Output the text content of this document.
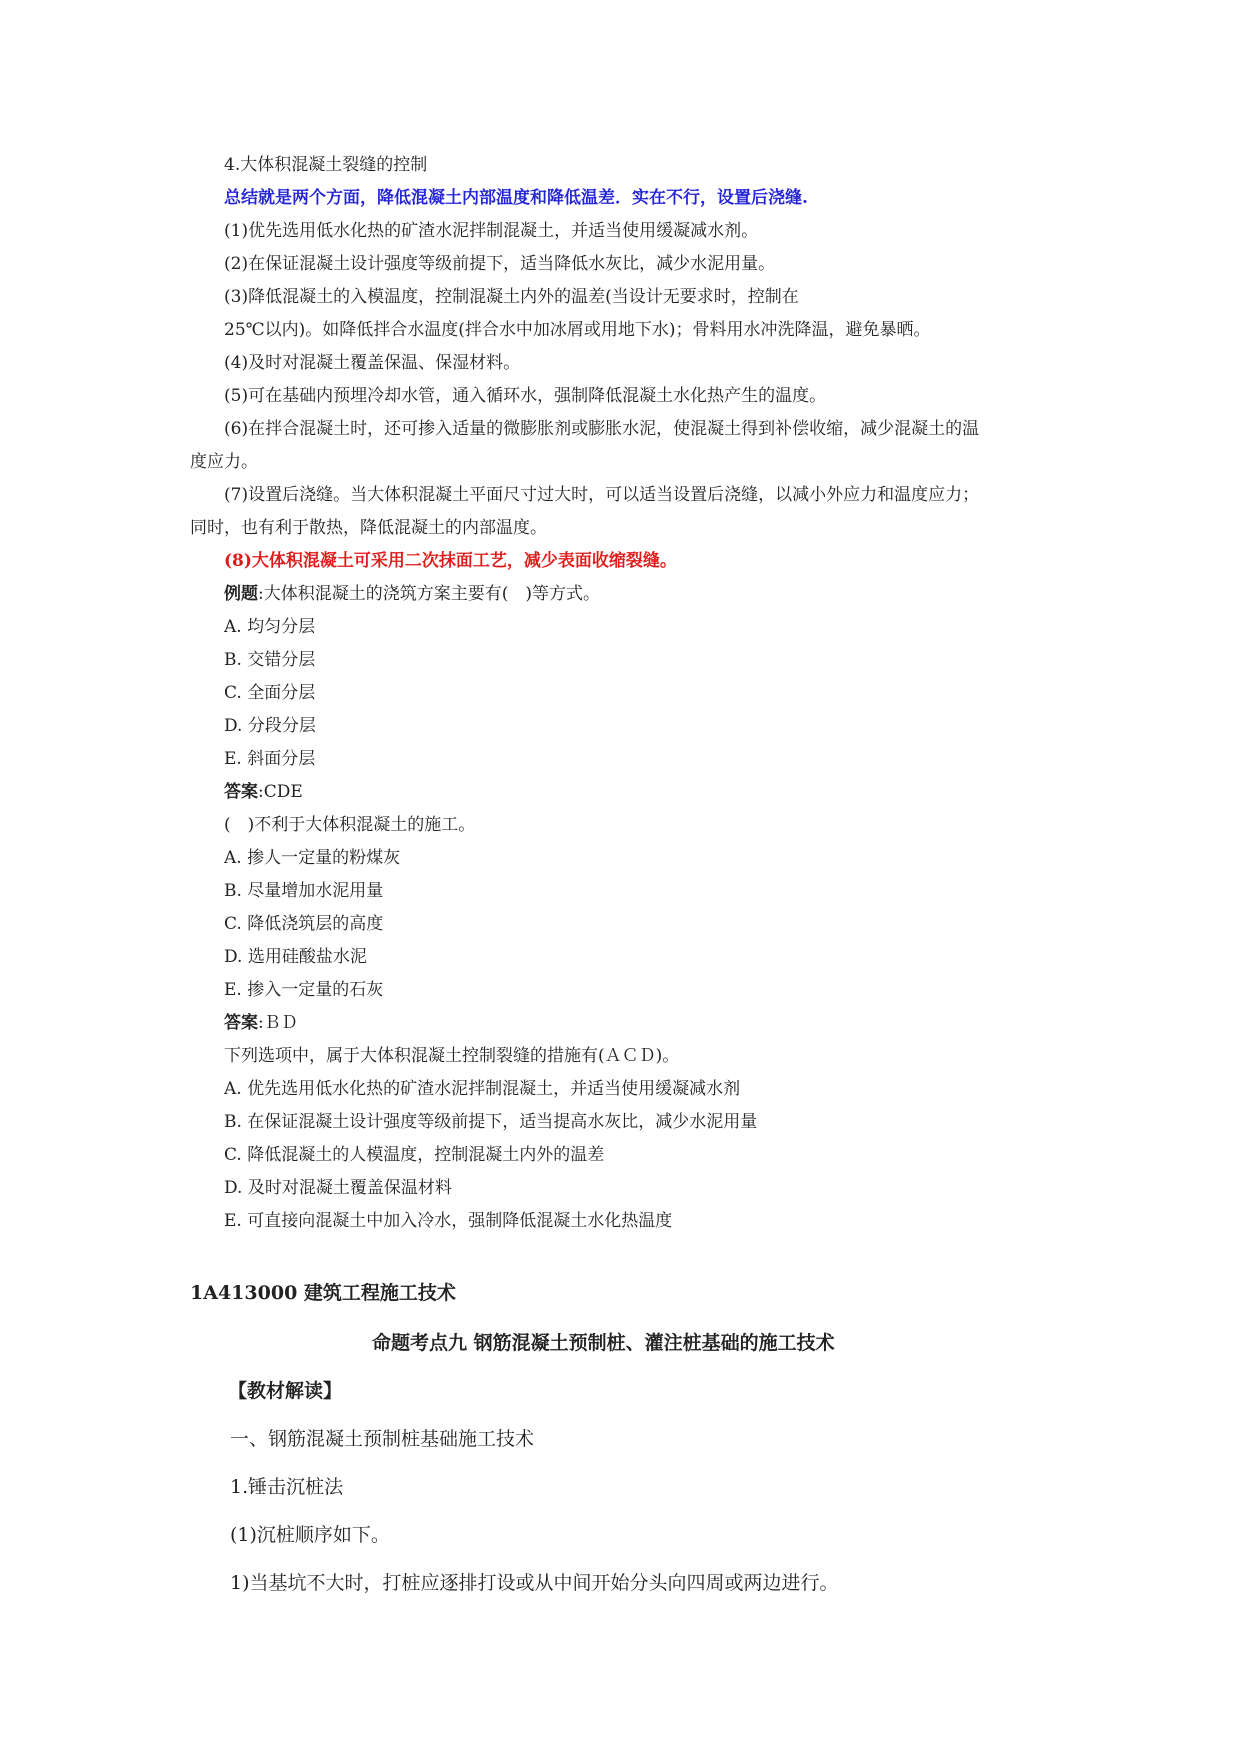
4.大体积混凝土裂缝的控制
总结就是两个方面，降低混凝土内部温度和降低温差．实在不行，设置后浇缝.
(1)优先选用低水化热的矿渣水泥拌制混凝土，并适当使用缓凝减水剂。
(2)在保证混凝土设计强度等级前提下，适当降低水灰比，减少水泥用量。
(3)降低混凝土的入模温度，控制混凝土内外的温差(当设计无要求时，控制在
25℃以内)。如降低拌合水温度(拌合水中加冰屑或用地下水)；骨料用水冲洗降温，避免暴晒。
(4)及时对混凝土覆盖保温、保湿材料。
(5)可在基础内预埋冷却水管，通入循环水，强制降低混凝土水化热产生的温度。
(6)在拌合混凝土时，还可掺入适量的微膨胀剂或膨胀水泥，使混凝土得到补偿收缩，减少混凝土的温
度应力。
(7)设置后浇缝。当大体积混凝土平面尺寸过大时，可以适当设置后浇缝，以减小外应力和温度应力；
同时，也有利于散热，降低混凝土的内部温度。
(8)大体积混凝土可采用二次抹面工艺，减少表面收缩裂缝。
例题:大体积混凝土的浇筑方案主要有(　)等方式。
A. 均匀分层
B. 交错分层
C. 全面分层
D. 分段分层
E. 斜面分层
答案:CDE
(　)不利于大体积混凝土的施工。
A. 掺人一定量的粉煤灰
B. 尽量增加水泥用量
C. 降低浇筑层的高度
D. 选用硅酸盐水泥
E. 掺入一定量的石灰
答案:ＢＤ
下列选项中，属于大体积混凝土控制裂缝的措施有(ＡＣＤ)。
A. 优先选用低水化热的矿渣水泥拌制混凝土，并适当使用缓凝减水剂
B. 在保证混凝土设计强度等级前提下，适当提高水灰比，减少水泥用量
C. 降低混凝土的人模温度，控制混凝土内外的温差
D. 及时对混凝土覆盖保温材料
E. 可直接向混凝土中加入冷水，强制降低混凝土水化热温度
1A413000 建筑工程施工技术
命题考点九 钢筋混凝土预制桩、灌注桩基础的施工技术
【教材解读】
一、钢筋混凝土预制桩基础施工技术
1.锤击沉桩法
(1)沉桩顺序如下。
1)当基坑不大时，打桩应逐排打设或从中间开始分头向四周或两边进行。
